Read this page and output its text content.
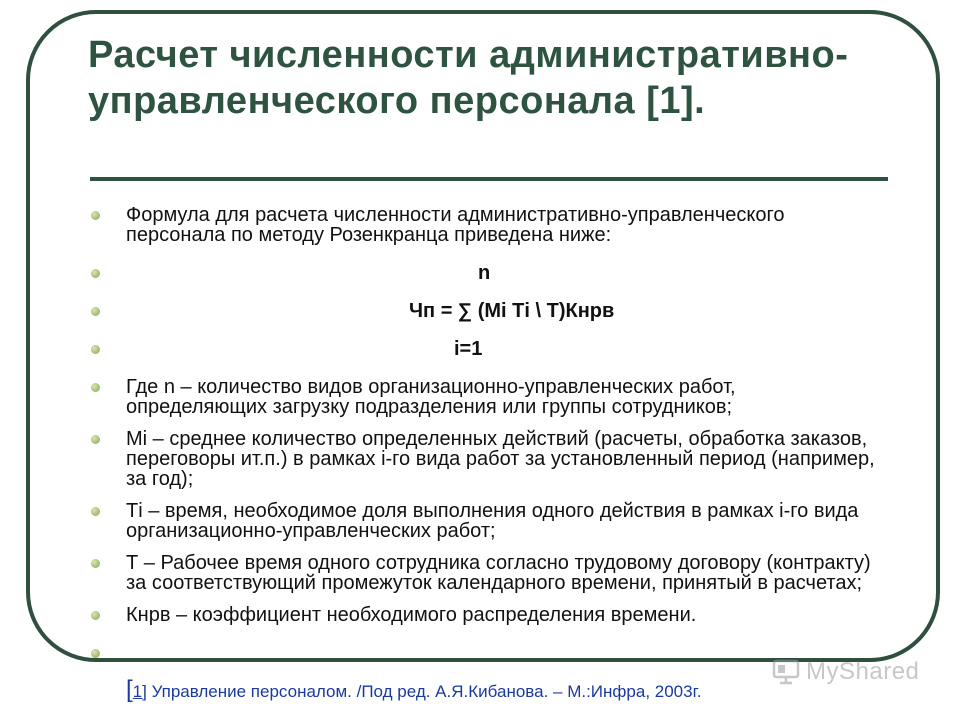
Расчет численности административно-управленческого персонала [1].
Формула для расчета численности административно-управленческого персонала по методу Розенкранца приведена ниже:
n
Чп = ∑ (Мi Тi \ Т)Кнрв
i=1
Где n – количество видов организационно-управленческих работ, определяющих загрузку подразделения или группы сотрудников;
Мi – среднее количество определенных действий (расчеты, обработка заказов, переговоры ит.п.) в рамках i-го вида работ за установленный период (например, за год);
Тi – время, необходимое доля выполнения одного действия в рамках i-го вида организационно-управленческих работ;
Т – Рабочее время одного сотрудника согласно трудовому договору (контракту) за соответствующий промежуток календарного времени, принятый в расчетах;
Кнрв – коэффициент необходимого распределения времени.
[1] Управление персоналом. /Под ред. А.Я.Кибанова. – М.:Инфра, 2003г.
MyShared
